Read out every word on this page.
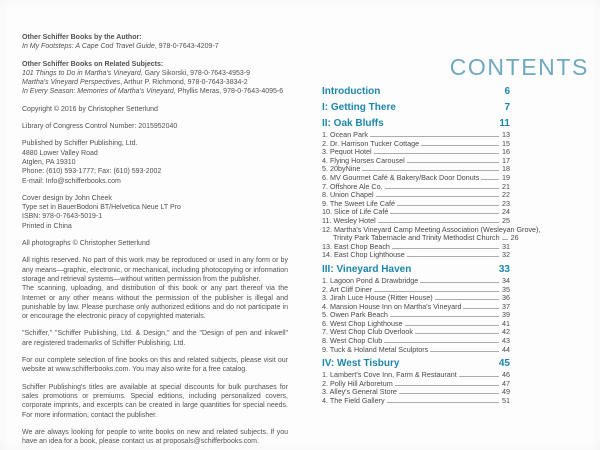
Other Schiffer Books by the Author:

In My Footsteps: A Cape Cod Travel Guide, 978-0-7643-4209-7

Other Schiffer Books on Related Subjects:

101 Things to Do in Martha's Vineyard, Gary Sikorski, 978-0-7643-4953-9

Martha's Vineyard Perspectives, Arthur P. Richmond, 978-0-7643-3834-2

In Every Season: Memories of Martha's Vineyard, Phyllis Meras, 978-0-7643-4095-6

Copyright © 2016 by Christopher Setterlund

Library of Congress Control Number: 2015952040

Published by Schiffer Publishing, Ltd.

4880 Lower Valley Road

Atglen, PA 19310

Phone: (610) 593-1777; Fax: (610) 593-2002

E-mail: Info@schifferbooks.com

Cover design by John Cheek

Type set in BauerBodoni BT/Helvetica Neue LT Pro

ISBN: 978-0-7643-5019-1

Printed in China

All photographs © Christopher Setterlund

All rights reserved. No part of this work may be reproduced or used in any form or by any means—graphic, electronic, or mechanical, including photocopying or information storage and retrieval systems—without written permission from the publisher.

The scanning, uploading, and distribution of this book or any part thereof via the Internet or any other means without the permission of the publisher is illegal and punishable by law. Please purchase only authorized editions and do not participate in or encourage the electronic piracy of copyrighted materials.

"Schiffer," "Schiffer Publishing, Ltd. & Design," and the "Design of pen and inkwell" are registered trademarks of Schiffer Publishing, Ltd.

For our complete selection of fine books on this and related subjects, please visit our website at www.schifferbooks.com. You may also write for a free catalog.

Schiffer Publishing's titles are available at special discounts for bulk purchases for sales promotions or premiums. Special editions, including personalized covers, corporate imprints, and excerpts can be created in large quantities for special needs. For more information, contact the publisher.

We are always looking for people to write books on new and related subjects. If you have an idea for a book, please contact us at proposals@schifferbooks.com.

CONTENTS
Introduction	6
I: Getting There	7
II: Oak Bluffs	11
1. Ocean Park	13
2. Dr. Harrison Tucker Cottage	15
3. Pequot Hotel	16
4. Flying Horses Carousel	17
5. 20byNine	18
6. MV Gourmet Café & Bakery/Back Door Donuts	19
7. Offshore Ale Co.	21
8. Union Chapel	22
9. The Sweet Life Café	23
10. Slice of Life Café	24
11. Wesley Hotel	25
12. Martha's Vineyard Camp Meeting Association (Wesleyan Grove),
Trinity Park Tabernacle and Trinity Methodist Church 26
13. East Chop Beach	31
14. East Chop Lighthouse	32
III: Vineyard Haven	33
1. Lagoon Pond & Drawbridge	34
2. Art Cliff Diner	35
3. Jirah Luce House (Ritter House)	36
4. Mansion House Inn on Martha's Vineyard	37
5. Owen Park Beach	39
6. West Chop Lighthouse	41
7. West Chop Club Overlook	42
8. West Chop Club	43
9. Tuck & Holand Metal Sculptors	44
IV: West Tisbury	45
1. Lambert's Cove Inn, Farm & Restaurant	46
2. Polly Hill Arboretum	47
3. Alley's General Store	49
4. The Field Gallery	51
